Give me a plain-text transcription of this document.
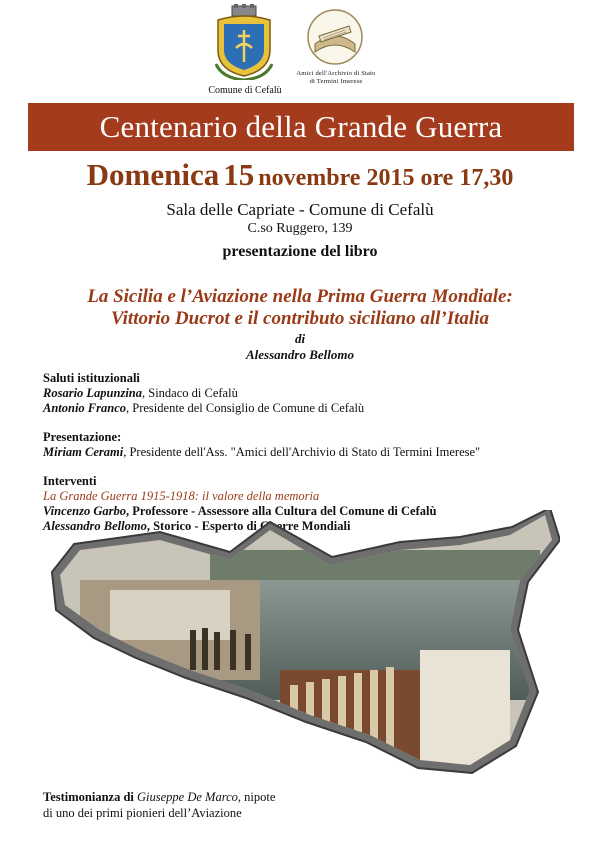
Comune di Cefalù
Amici dell'Archivio di Stato
di Termini Imerese
Centenario della Grande Guerra
Domenica 15 novembre 2015 ore 17,30
Sala delle Capriate - Comune di Cefalù
C.so Ruggero, 139
presentazione del libro
La Sicilia e l’Aviazione nella Prima Guerra Mondiale:
Vittorio Ducrot e il contributo siciliano all’Italia
di
Alessandro Bellomo
Saluti istituzionali
Rosario Lapunzina, Sindaco di Cefalù
Antonio Franco, Presidente del Consiglio de Comune di Cefalù
Presentazione:
Miriam Cerami, Presidente dell'Ass. "Amici dell'Archivio di Stato di Termini Imerese"
Interventi
La Grande Guerra 1915-1918: il valore della memoria
Vincenzo Garbo, Professore - Assessore alla Cultura del Comune di Cefalù
Alessandro Bellomo, Storico - Esperto di Guerre Mondiali
Testimonianza di Giuseppe De Marco, nipote
di uno dei primi pionieri dell’Aviazione
